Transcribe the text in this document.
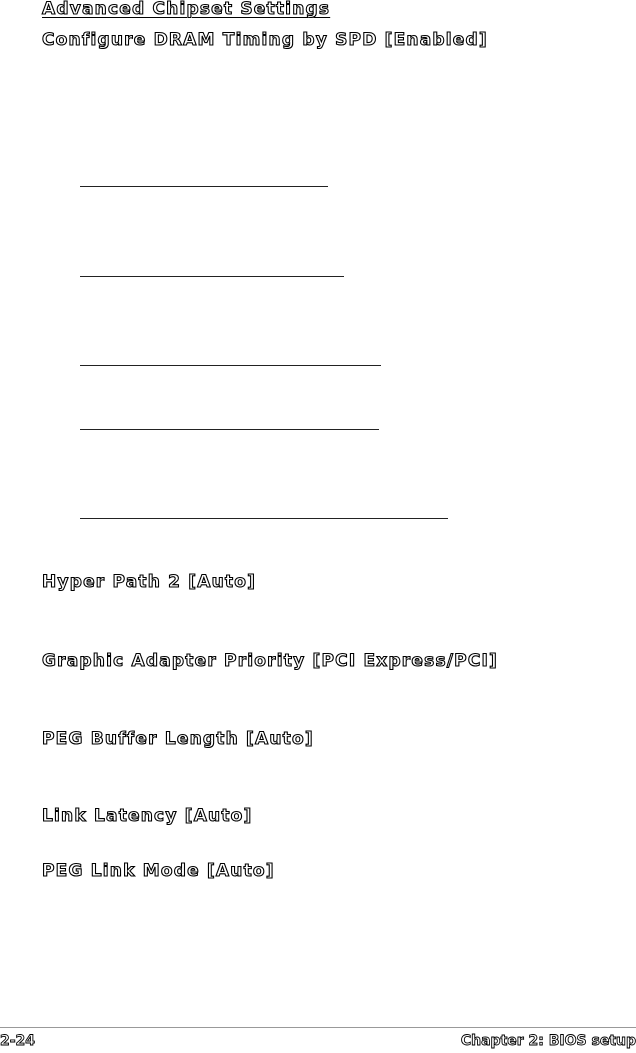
Advanced Chipset Settings
Configure DRAM Timing by SPD [Enabled]
Hyper Path 2 [Auto]
Graphic Adapter Priority [PCI Express/PCI]
PEG Buffer Length [Auto]
Link Latency [Auto]
PEG Link Mode [Auto]
2-24	Chapter 2: BIOS setup
